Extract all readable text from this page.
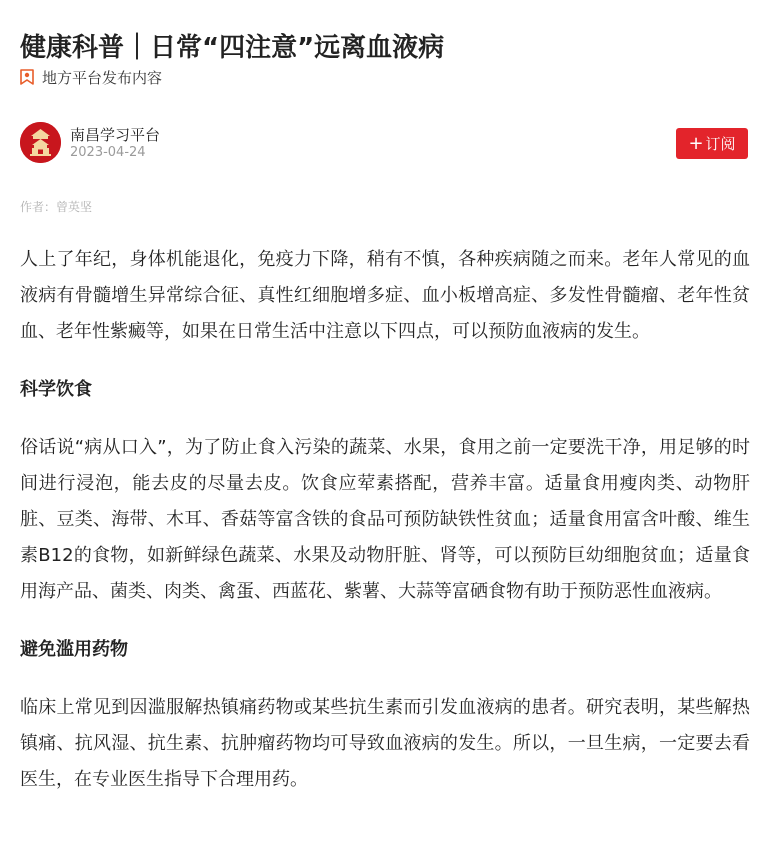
健康科普｜日常“四注意”远离血液病
地方平台发布内容
南昌学习平台
2023-04-24	+ 订阅
作者：曾英坚

人上了年纪，身体机能退化，免疫力下降，稍有不慎，各种疾病随之而来。老年人常见的血液病有骨髓增生异常综合征、真性红细胞增多症、血小板增高症、多发性骨髓瘤、老年性贫血、老年性紫癜等，如果在日常生活中注意以下四点，可以预防血液病的发生。

科学饮食

俗话说“病从口入”，为了防止食入污染的蔬菜、水果，食用之前一定要洗干净，用足够的时间进行浸泡，能去皮的尽量去皮。饮食应荤素搭配，营养丰富。适量食用瘦肉类、动物肝脏、豆类、海带、木耳、香菇等富含铁的食品可预防缺铁性贫血；适量食用富含叶酸、维生素B12的食物，如新鲜绿色蔬菜、水果及动物肝脏、肾等，可以预防巨幼细胞贫血；适量食用海产品、菌类、肉类、禽蛋、西蓝花、紫薯、大蒜等富硒食物有助于预防恶性血液病。

避免滥用药物

临床上常见到因滥服解热镇痛药物或某些抗生素而引发血液病的患者。研究表明，某些解热镇痛、抗风湿、抗生素、抗肿瘤药物均可导致血液病的发生。所以，一旦生病，一定要去看医生，在专业医生指导下合理用药。
